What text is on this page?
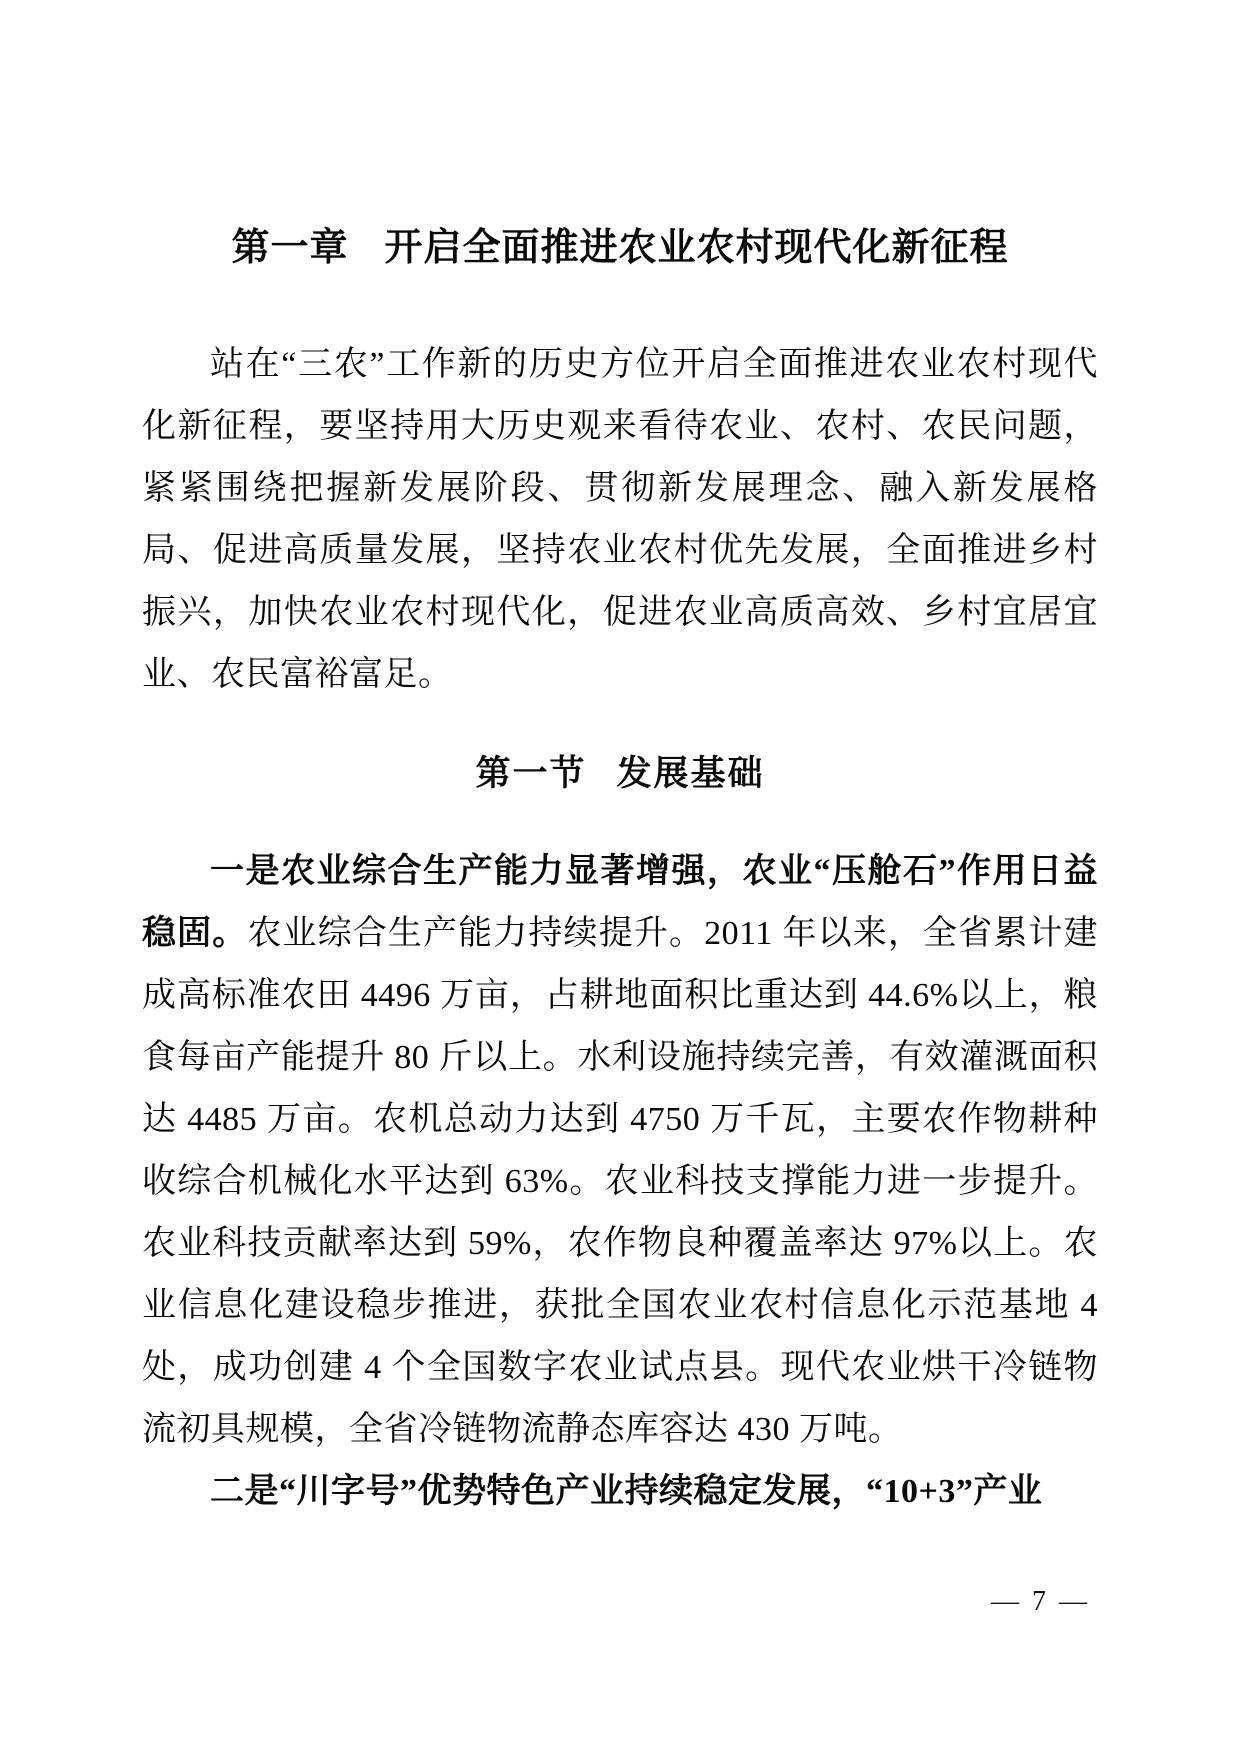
第一章 开启全面推进农业农村现代化新征程

站在“三农”工作新的历史方位开启全面推进农业农村现代化新征程，要坚持用大历史观来看待农业、农村、农民问题，紧紧围绕把握新发展阶段、贯彻新发展理念、融入新发展格局、促进高质量发展，坚持农业农村优先发展，全面推进乡村振兴，加快农业农村现代化，促进农业高质高效、乡村宜居宜业、农民富裕富足。

第一节 发展基础

一是农业综合生产能力显著增强，农业“压舱石”作用日益稳固。农业综合生产能力持续提升。2011 年以来，全省累计建成高标准农田 4496 万亩，占耕地面积比重达到 44.6%以上，粮食每亩产能提升 80 斤以上。水利设施持续完善，有效灌溉面积达 4485 万亩。农机总动力达到 4750 万千瓦，主要农作物耕种收综合机械化水平达到 63%。农业科技支撑能力进一步提升。农业科技贡献率达到 59%，农作物良种覆盖率达 97%以上。农业信息化建设稳步推进，获批全国农业农村信息化示范基地 4 处，成功创建 4 个全国数字农业试点县。现代农业烘干冷链物流初具规模，全省冷链物流静态库容达 430 万吨。

二是“川字号”优势特色产业持续稳定发展，“10+3”产业

— 7 —
